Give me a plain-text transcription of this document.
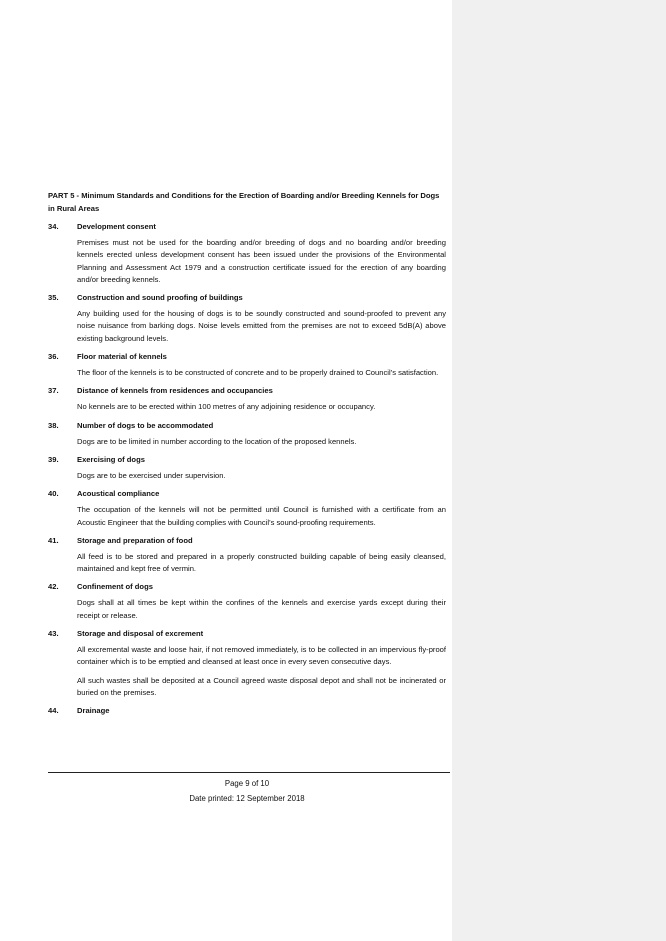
PART 5 - Minimum Standards and Conditions for the Erection of Boarding and/or Breeding Kennels for Dogs in Rural Areas

34.	Development consent

Premises must not be used for the boarding and/or breeding of dogs and no boarding and/or breeding kennels erected unless development consent has been issued under the provisions of the Environmental Planning and Assessment Act 1979 and a construction certificate issued for the erection of any boarding and/or breeding kennels.

35.	Construction and sound proofing of buildings

Any building used for the housing of dogs is to be soundly constructed and sound-proofed to prevent any noise nuisance from barking dogs. Noise levels emitted from the premises are not to exceed 5dB(A) above existing background levels.

36.	Floor material of kennels

The floor of the kennels is to be constructed of concrete and to be properly drained to Council’s satisfaction.

37.	Distance of kennels from residences and occupancies

No kennels are to be erected within 100 metres of any adjoining residence or occupancy.

38.	Number of dogs to be accommodated

Dogs are to be limited in number according to the location of the proposed kennels.

39.	Exercising of dogs

Dogs are to be exercised under supervision.

40.	Acoustical compliance

The occupation of the kennels will not be permitted until Council is furnished with a certificate from an Acoustic Engineer that the building complies with Council’s sound-proofing requirements.

41.	Storage and preparation of food

All feed is to be stored and prepared in a properly constructed building capable of being easily cleansed, maintained and kept free of vermin.

42.	Confinement of dogs

Dogs shall at all times be kept within the confines of the kennels and exercise yards except during their receipt or release.

43.	Storage and disposal of excrement

All excremental waste and loose hair, if not removed immediately, is to be collected in an impervious fly-proof container which is to be emptied and cleansed at least once in every seven consecutive days.

All such wastes shall be deposited at a Council agreed waste disposal depot and shall not be incinerated or buried on the premises.

44.	Drainage
Page 9 of 10
Date printed: 12 September 2018
